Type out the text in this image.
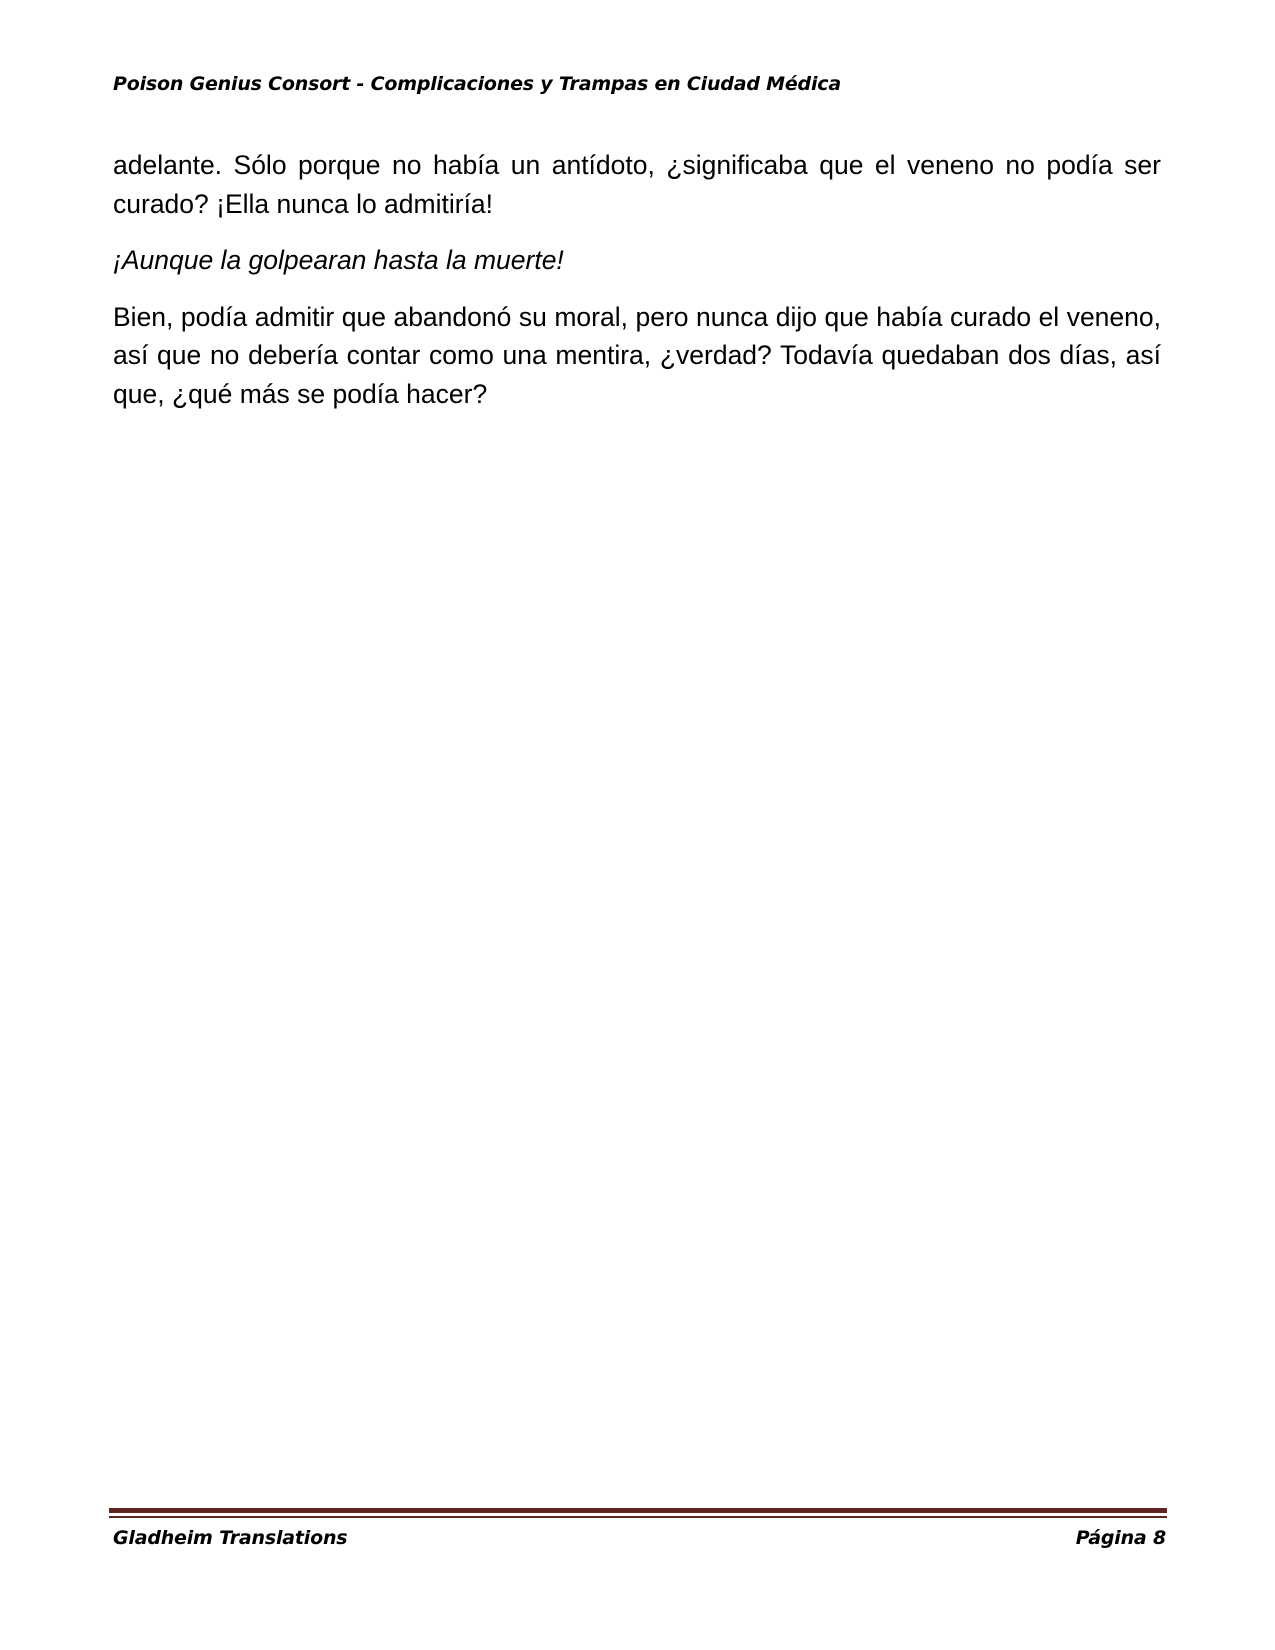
Poison Genius Consort - Complicaciones y Trampas en Ciudad Médica

adelante. Sólo porque no había un antídoto, ¿significaba que el veneno no podía ser curado? ¡Ella nunca lo admitiría!

¡Aunque la golpearan hasta la muerte!

Bien, podía admitir que abandonó su moral, pero nunca dijo que había curado el veneno, así que no debería contar como una mentira, ¿verdad? Todavía quedaban dos días, así que, ¿qué más se podía hacer?

Gladheim Translations	Página 8
